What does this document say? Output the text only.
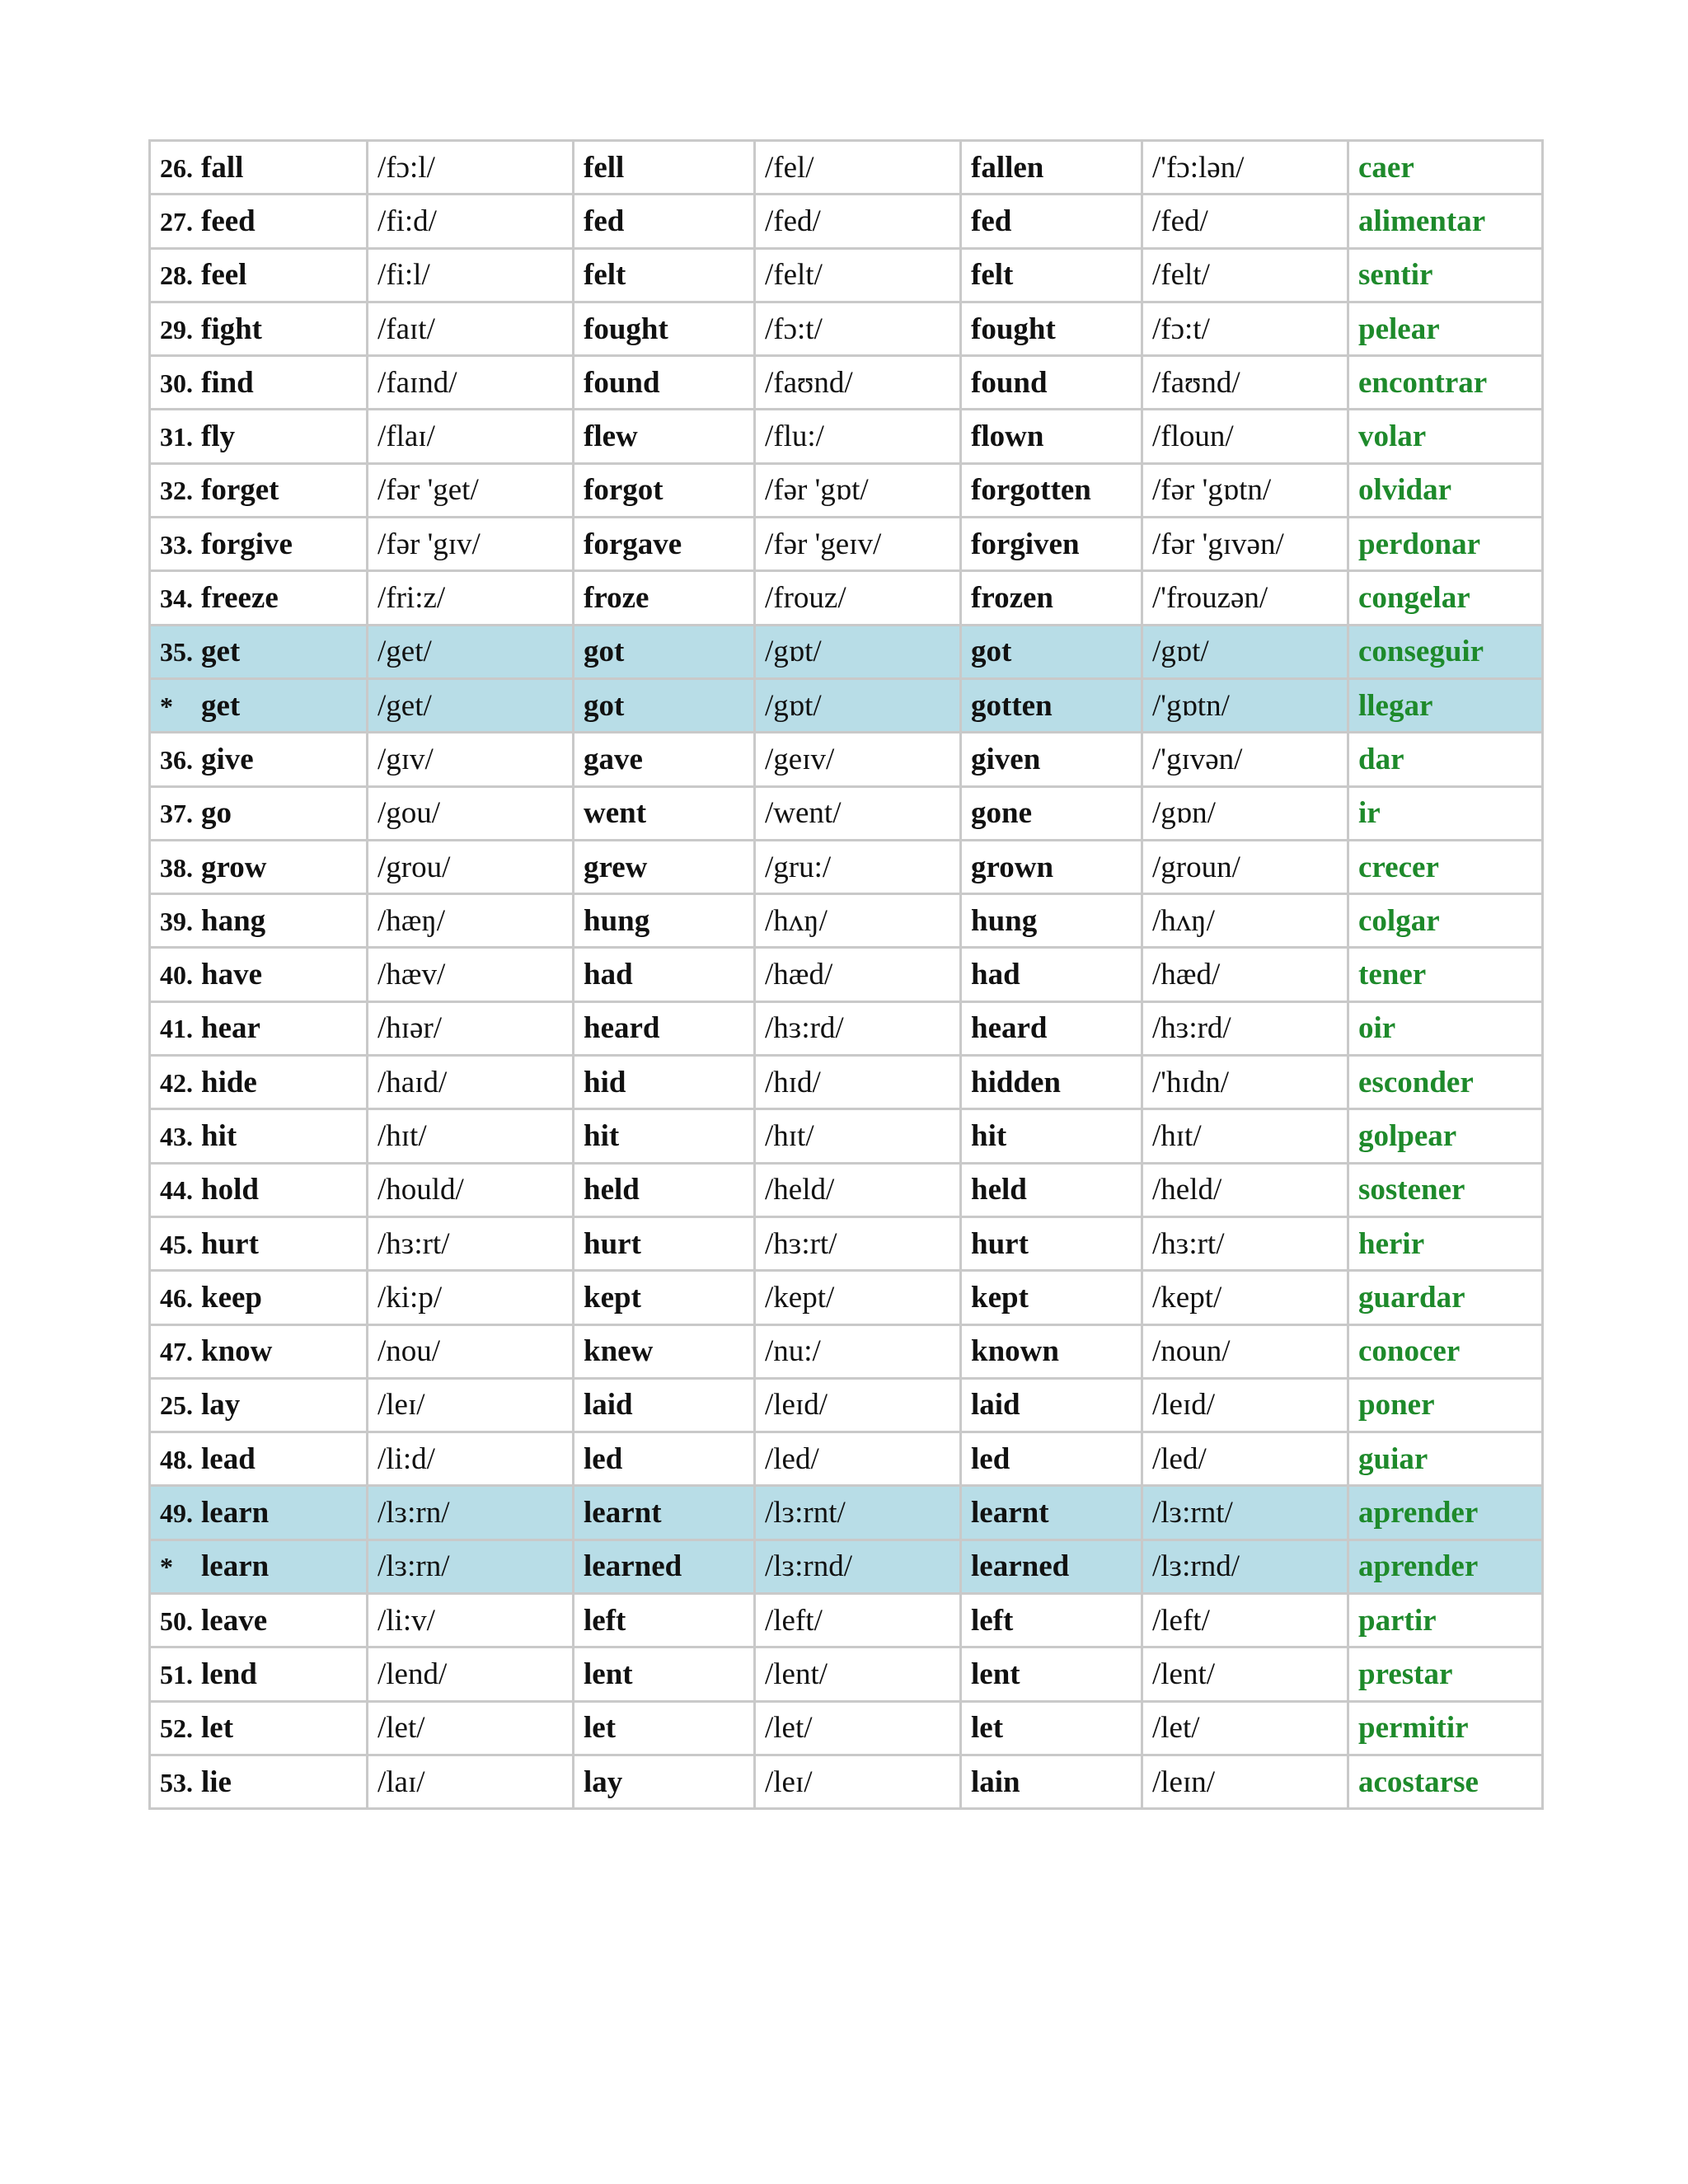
26. fall	/fɔ:l/	fell	/fel/	fallen	/'fɔ:lən/	caer
27. feed	/fi:d/	fed	/fed/	fed	/fed/	alimentar
28. feel	/fi:l/	felt	/felt/	felt	/felt/	sentir
29. fight	/faɪt/	fought	/fɔ:t/	fought	/fɔ:t/	pelear
30. find	/faɪnd/	found	/faʊnd/	found	/faʊnd/	encontrar
31. fly	/flaɪ/	flew	/flu:/	flown	/floun/	volar
32. forget	/fər 'get/	forgot	/fər 'gɒt/	forgotten	/fər 'gɒtn/	olvidar
33. forgive	/fər 'gɪv/	forgave	/fər 'geɪv/	forgiven	/fər 'gɪvən/	perdonar
34. freeze	/fri:z/	froze	/frouz/	frozen	/'frouzən/	congelar
35. get	/get/	got	/gɒt/	got	/gɒt/	conseguir
* get	/get/	got	/gɒt/	gotten	/'gɒtn/	llegar
36. give	/gɪv/	gave	/geɪv/	given	/'gɪvən/	dar
37. go	/gou/	went	/went/	gone	/gɒn/	ir
38. grow	/grou/	grew	/gru:/	grown	/groun/	crecer
39. hang	/hæŋ/	hung	/hʌŋ/	hung	/hʌŋ/	colgar
40. have	/hæv/	had	/hæd/	had	/hæd/	tener
41. hear	/hɪər/	heard	/hɜ:rd/	heard	/hɜ:rd/	oir
42. hide	/haɪd/	hid	/hɪd/	hidden	/'hɪdn/	esconder
43. hit	/hɪt/	hit	/hɪt/	hit	/hɪt/	golpear
44. hold	/hould/	held	/held/	held	/held/	sostener
45. hurt	/hɜ:rt/	hurt	/hɜ:rt/	hurt	/hɜ:rt/	herir
46. keep	/ki:p/	kept	/kept/	kept	/kept/	guardar
47. know	/nou/	knew	/nu:/	known	/noun/	conocer
25. lay	/leɪ/	laid	/leɪd/	laid	/leɪd/	poner
48. lead	/li:d/	led	/led/	led	/led/	guiar
49. learn	/lɜ:rn/	learnt	/lɜ:rnt/	learnt	/lɜ:rnt/	aprender
* learn	/lɜ:rn/	learned	/lɜ:rnd/	learned	/lɜ:rnd/	aprender
50. leave	/li:v/	left	/left/	left	/left/	partir
51. lend	/lend/	lent	/lent/	lent	/lent/	prestar
52. let	/let/	let	/let/	let	/let/	permitir
53. lie	/laɪ/	lay	/leɪ/	lain	/leɪn/	acostarse
